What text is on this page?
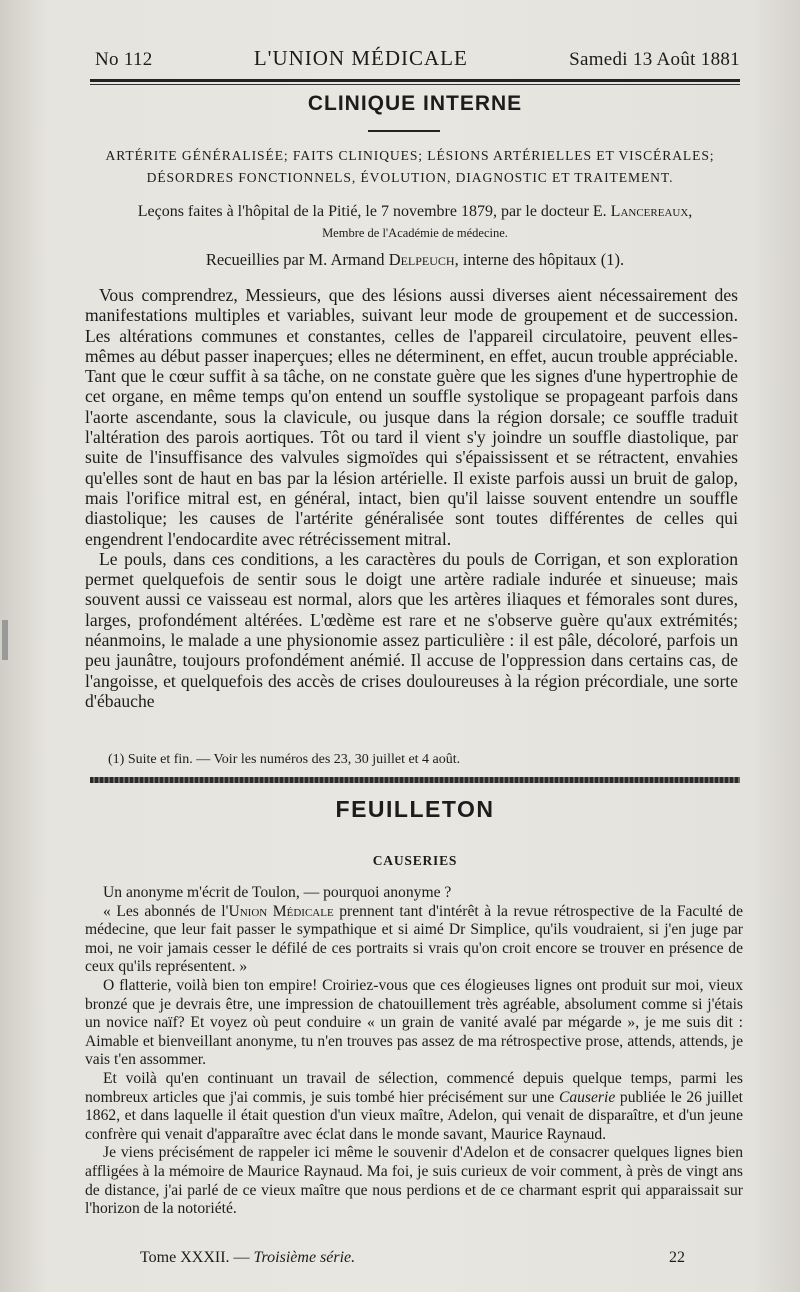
No 112	L'UNION MÉDICALE	Samedi 13 Août 1881
CLINIQUE INTERNE
ARTÉRITE GÉNÉRALISÉE; FAITS CLINIQUES; LÉSIONS ARTÉRIELLES ET VISCÉRALES;
DÉSORDRES FONCTIONNELS, ÉVOLUTION, DIAGNOSTIC ET TRAITEMENT.
Leçons faites à l'hôpital de la Pitié, le 7 novembre 1879, par le docteur E. Lancereaux,
Membre de l'Académie de médecine.
Recueillies par M. Armand Delpeuch, interne des hôpitaux (1).

Vous comprendrez, Messieurs, que des lésions aussi diverses aient nécessairement des manifestations multiples et variables, suivant leur mode de groupement et de succession. Les altérations communes et constantes, celles de l'appareil circulatoire, peuvent elles-mêmes au début passer inaperçues; elles ne déterminent, en effet, aucun trouble appréciable. Tant que le cœur suffit à sa tâche, on ne constate guère que les signes d'une hypertrophie de cet organe, en même temps qu'on entend un souffle systolique se propageant parfois dans l'aorte ascendante, sous la clavicule, ou jusque dans la région dorsale; ce souffle traduit l'altération des parois aortiques. Tôt ou tard il vient s'y joindre un souffle diastolique, par suite de l'insuffisance des valvules sigmoïdes qui s'épaississent et se rétractent, envahies qu'elles sont de haut en bas par la lésion artérielle. Il existe parfois aussi un bruit de galop, mais l'orifice mitral est, en général, intact, bien qu'il laisse souvent entendre un souffle diastolique; les causes de l'artérite généralisée sont toutes différentes de celles qui engendrent l'endocardite avec rétrécissement mitral.

Le pouls, dans ces conditions, a les caractères du pouls de Corrigan, et son exploration permet quelquefois de sentir sous le doigt une artère radiale indurée et sinueuse; mais souvent aussi ce vaisseau est normal, alors que les artères iliaques et fémorales sont dures, larges, profondément altérées. L'œdème est rare et ne s'observe guère qu'aux extrémités; néanmoins, le malade a une physionomie assez particulière : il est pâle, décoloré, parfois un peu jaunâtre, toujours profondément anémié. Il accuse de l'oppression dans certains cas, de l'angoisse, et quelquefois des accès de crises douloureuses à la région précordiale, une sorte d'ébauche

(1) Suite et fin. — Voir les numéros des 23, 30 juillet et 4 août.
FEUILLETON
CAUSERIES

Un anonyme m'écrit de Toulon, — pourquoi anonyme ?

« Les abonnés de l'Union Médicale prennent tant d'intérêt à la revue rétrospective de la Faculté de médecine, que leur fait passer le sympathique et si aimé Dr Simplice, qu'ils voudraient, si j'en juge par moi, ne voir jamais cesser le défilé de ces portraits si vrais qu'on croit encore se trouver en présence de ceux qu'ils représentent. »

O flatterie, voilà bien ton empire! Croiriez-vous que ces élogieuses lignes ont produit sur moi, vieux bronzé que je devrais être, une impression de chatouillement très agréable, absolument comme si j'étais un novice naïf? Et voyez où peut conduire « un grain de vanité avalé par mégarde », je me suis dit : Aimable et bienveillant anonyme, tu n'en trouves pas assez de ma rétrospective prose, attends, attends, je vais t'en assommer.

Et voilà qu'en continuant un travail de sélection, commencé depuis quelque temps, parmi les nombreux articles que j'ai commis, je suis tombé hier précisément sur une Causerie publiée le 26 juillet 1862, et dans laquelle il était question d'un vieux maître, Adelon, qui venait de disparaître, et d'un jeune confrère qui venait d'apparaître avec éclat dans le monde savant, Maurice Raynaud.

Je viens précisément de rappeler ici même le souvenir d'Adelon et de consacrer quelques lignes bien affligées à la mémoire de Maurice Raynaud. Ma foi, je suis curieux de voir comment, à près de vingt ans de distance, j'ai parlé de ce vieux maître que nous perdions et de ce charmant esprit qui apparaissait sur l'horizon de la notoriété.

Tome XXXII. — Troisième série.	22
